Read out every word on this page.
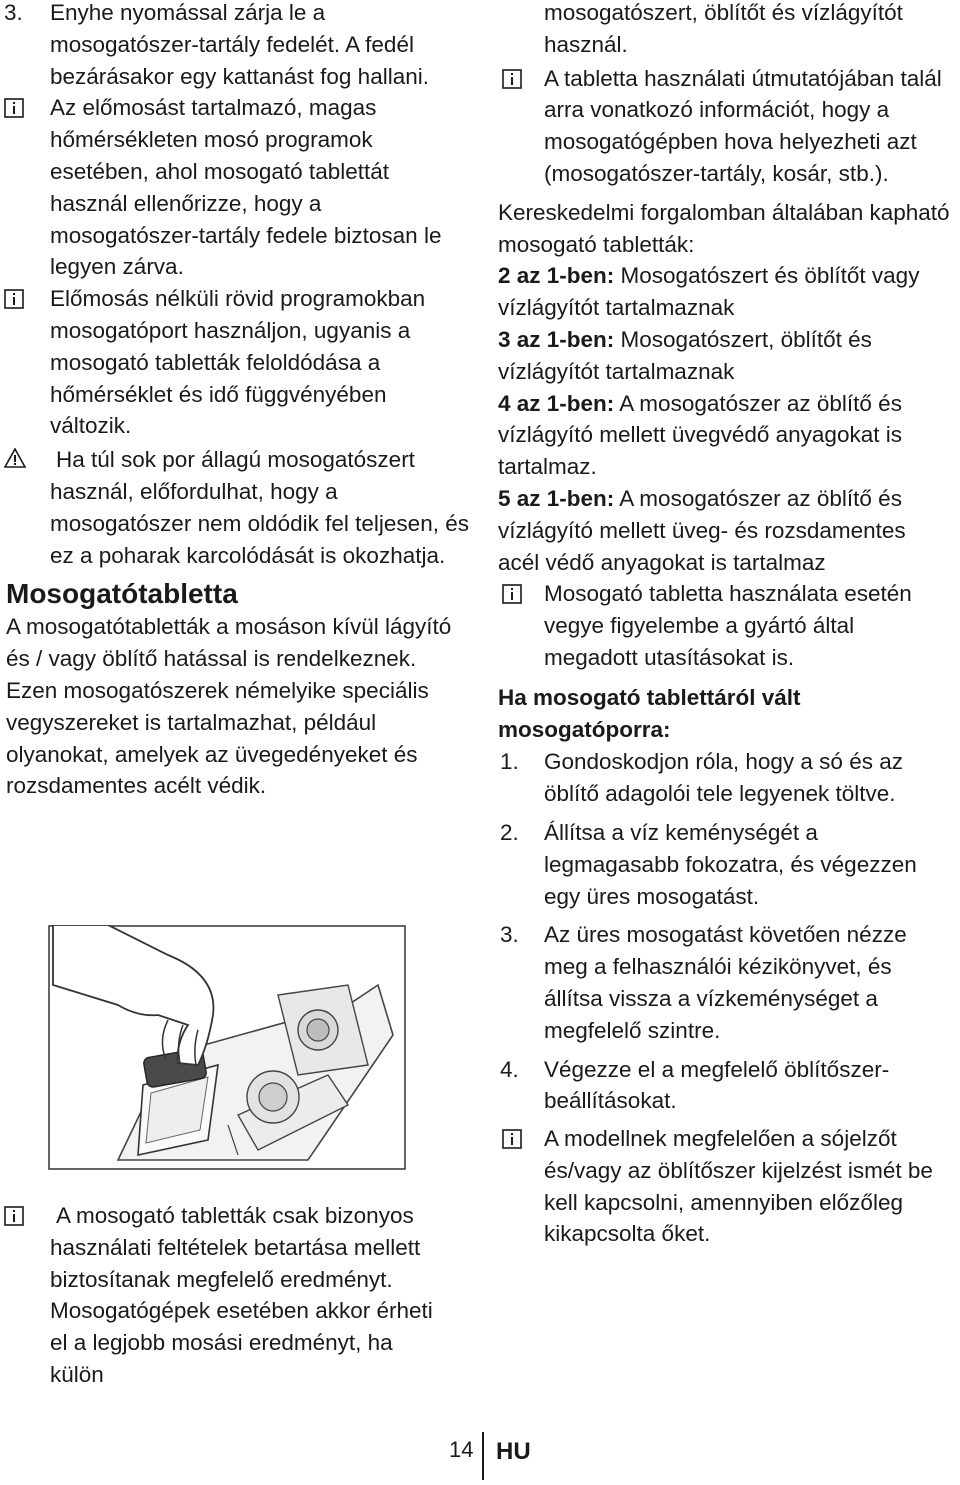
3. Enyhe nyomással zárja le a mosogatószer-tartály fedelét. A fedél bezárásakor egy kattanást fog hallani.
Az előmosást tartalmazó, magas hőmérsékleten mosó programok esetében, ahol mosogató tablettát használ ellenőrizze, hogy a mosogatószer-tartály fedele biztosan le legyen zárva.
Előmosás nélküli rövid programokban mosogatóport használjon, ugyanis a mosogató tabletták feloldódása a hőmérséklet és idő függvényében változik.
Ha túl sok por állagú mosogatószert használ, előfordulhat, hogy a mosogatószer nem oldódik fel teljesen, és ez a poharak karcolódását is okozhatja.
Mosogatótabletta

A mosogatótabletták a mosáson kívül lágyító és / vagy öblítő hatással is rendelkeznek. Ezen mosogatószerek némelyike speciális vegyszereket is tartalmazhat, például olyanokat, amelyek az üvegedényeket és rozsdamentes acélt védik.

A mosogató tabletták csak bizonyos használati feltételek betartása mellett biztosítanak megfelelő eredményt. Mosogatógépek esetében akkor érheti el a legjobb mosási eredményt, ha külön
mosogatószert, öblítőt és vízlágyítót használ.
A tabletta használati útmutatójában talál arra vonatkozó információt, hogy a mosogatógépben hova helyezheti azt (mosogatószer-tartály, kosár, stb.).

Kereskedelmi forgalomban általában kapható mosogató tabletták:

2 az 1-ben: Mosogatószert és öblítőt vagy vízlágyítót tartalmaznak

3 az 1-ben: Mosogatószert, öblítőt és vízlágyítót tartalmaznak

4 az 1-ben: A mosogatószer az öblítő és vízlágyító mellett üvegvédő anyagokat is tartalmaz.

5 az 1-ben: A mosogatószer az öblítő és vízlágyító mellett üveg- és rozsdamentes acél védő anyagokat is tartalmaz

Mosogató tabletta használata esetén vegye figyelembe a gyártó által megadott utasításokat is.
Ha mosogató tablettáról vált mosogatóporra:
1. Gondoskodjon róla, hogy a só és az öblítő adagolói tele legyenek töltve.
2. Állítsa a víz keménységét a legmagasabb fokozatra, és végezzen egy üres mosogatást.
3. Az üres mosogatást követően nézze meg a felhasználói kézikönyvet, és állítsa vissza a vízkeménységet a megfelelő szintre.
4. Végezze el a megfelelő öblítőszer-beállításokat.
A modellnek megfelelően a sójelzőt és/vagy az öblítőszer kijelzést ismét be kell kapcsolni, amennyiben előzőleg kikapcsolta őket.
14 HU
